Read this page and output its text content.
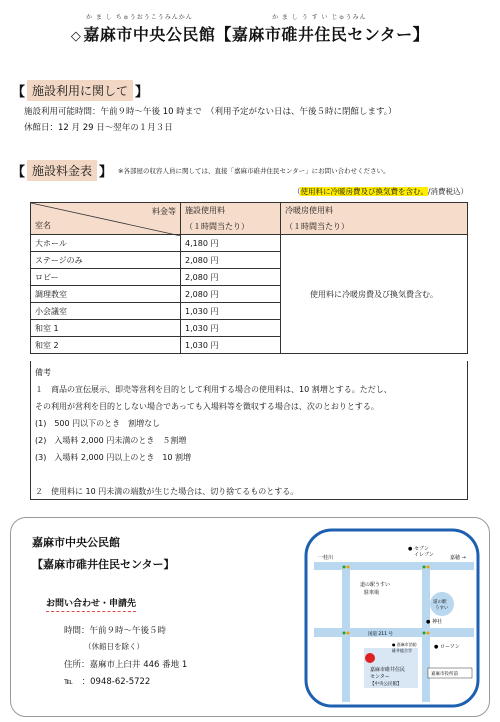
か ま し ちゅうおうこうみんかん	か ま し う す い じゅうみん
◇ 嘉麻市中央公民館【嘉麻市碓井住民センター】
【 施設利用に関して 】
施設利用可能時間：午前９時～午後 10 時まで　（利用予定がない日は、午後５時に閉館します。）
休館日：12 月 29 日～翌年の１月３日
【 施設料金表 】 ※各部屋の収容人員に関しては、直接「嘉麻市碓井住民センター」にお問い合わせください。
（使用料に冷暖房費及び換気費を含む。/消費税込）
料金等
室名	施設使用料	冷暖房使用料
	（１時間当たり）	（１時間当たり）
大ホール	4,180 円	使用料に冷暖房費及び換気費含む。
ステージのみ	2,080 円	
ロビー	2,080 円	
調理教室	2,080 円	
小会議室	1,030 円	
和室 1	1,030 円	
和室 2	1,030 円	
備考
１　商品の宣伝展示、即売等営利を目的として利用する場合の使用料は、10 割増とする。ただし、
その利用が営利を目的としない場合であっても入場料等を徴収する場合は、次のとおりとする。
(1)　500 円以下のとき　割増なし
(2)　入場料 2,000 円未満のとき　５割増
(3)　入場料 2,000 円以上のとき　10 割増
２　使用料に 10 円未満の端数が生じた場合は、切り捨てるものとする。
嘉麻市中央公民館
【嘉麻市碓井住民センター】
お問い合わせ・申請先
時間：午前９時～午後５時
（休館日を除く）
住所：嘉麻市上臼井 446 番地 1
℡　：0948-62-5722
一桂川
● セブン
イレブン	嘉穂 →
道の駅うすい
駐車場
道の駅
うすい
● 神社
国道 211 号
● 嘉麻市消防
碓井総合学
嘉麻市碓井住民
センター
【中央公民館】
● ローソン
嘉麻市役所前
